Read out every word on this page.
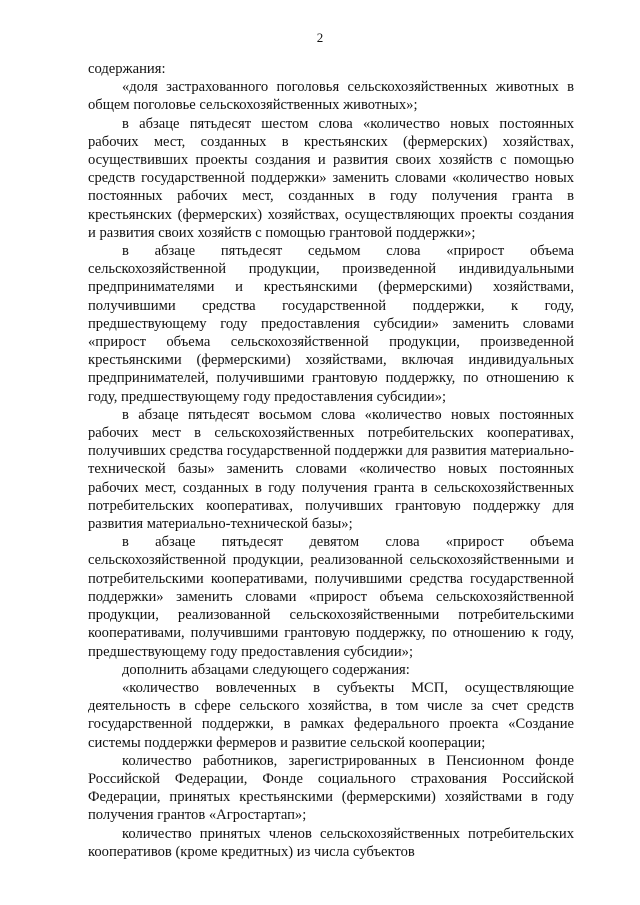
2

содержания:

«доля застрахованного поголовья сельскохозяйственных животных в общем поголовье сельскохозяйственных животных»;

в абзаце пятьдесят шестом слова «количество новых постоянных рабочих мест, созданных в крестьянских (фермерских) хозяйствах, осуществивших проекты создания и развития своих хозяйств с помощью средств государственной поддержки» заменить словами «количество новых постоянных рабочих мест, созданных в году получения гранта в крестьянских (фермерских) хозяйствах, осуществляющих проекты создания и развития своих хозяйств с помощью грантовой поддержки»;

в абзаце пятьдесят седьмом слова «прирост объема сельскохозяйственной продукции, произведенной индивидуальными предпринимателями и крестьянскими (фермерскими) хозяйствами, получившими средства государственной поддержки, к году, предшествующему году предоставления субсидии» заменить словами «прирост объема сельскохозяйственной продукции, произведенной крестьянскими (фермерскими) хозяйствами, включая индивидуальных предпринимателей, получившими грантовую поддержку, по отношению к году, предшествующему году предоставления субсидии»;

в абзаце пятьдесят восьмом слова «количество новых постоянных рабочих мест в сельскохозяйственных потребительских кооперативах, получивших средства государственной поддержки для развития материально-технической базы» заменить словами «количество новых постоянных рабочих мест, созданных в году получения гранта в сельскохозяйственных потребительских кооперативах, получивших грантовую поддержку для развития материально-технической базы»;

в абзаце пятьдесят девятом слова «прирост объема сельскохозяйственной продукции, реализованной сельскохозяйственными и потребительскими кооперативами, получившими средства государственной поддержки» заменить словами «прирост объема сельскохозяйственной продукции, реализованной сельскохозяйственными потребительскими кооперативами, получившими грантовую поддержку, по отношению к году, предшествующему году предоставления субсидии»;

дополнить абзацами следующего содержания:

«количество вовлеченных в субъекты МСП, осуществляющие деятельность в сфере сельского хозяйства, в том числе за счет средств государственной поддержки, в рамках федерального проекта «Создание системы поддержки фермеров и развитие сельской кооперации;

количество работников, зарегистрированных в Пенсионном фонде Российской Федерации, Фонде социального страхования Российской Федерации, принятых крестьянскими (фермерскими) хозяйствами в году получения грантов «Агростартап»;

количество принятых членов сельскохозяйственных потребительских кооперативов (кроме кредитных) из числа субъектов
